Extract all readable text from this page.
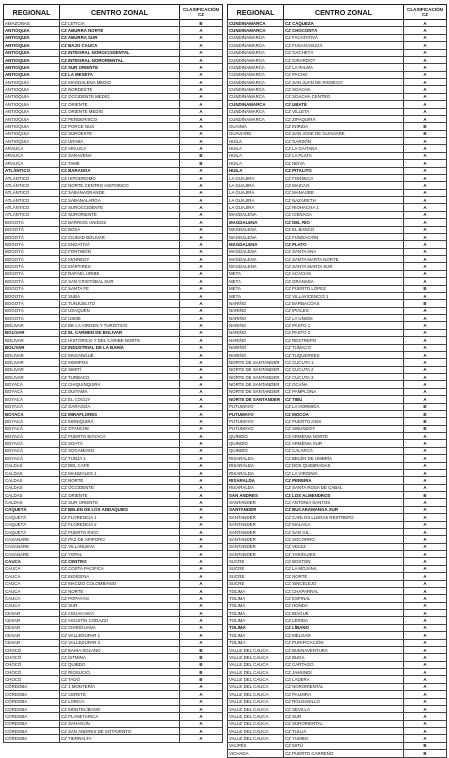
REGIONAL	CENTRO ZONAL	CLASIFICACIÓN CZ
AMAZONAS	CZ LETICIA	B
ANTIOQUIA	CZ ABURRA NORTE	A
ANTIOQUIA	CZ ABURRA SUR	A
ANTIOQUIA	CZ BAJO CAUCA	A
ANTIOQUIA	CZ INTEGRAL NOROCCIDENTAL	A
ANTIOQUIA	CZ INTEGRAL NORORIENTAL	A
ANTIOQUIA	CZ SUR ORIENTE	A
ANTIOQUIA	CZ LA MESETA	A
ANTIOQUIA	CZ MAGDALENA MEDIO	A
ANTIOQUIA	CZ NORDESTE	A
ANTIOQUIA	CZ OCCIDENTE MEDIO	A
ANTIOQUIA	CZ ORIENTE	A
ANTIOQUIA	CZ ORIENTE MEDIO	A
ANTIOQUIA	CZ PENDERISCO	A
ANTIOQUIA	CZ PORCE NUS	A
ANTIOQUIA	CZ SUROESTE	A
ANTIOQUIA	CZ URABÁ	A
ARAUCA	CZ ARAUCA	A
ARAUCA	CZ SARAVENA	B
ARAUCA	CZ TAME	B
ATLÁNTICO	CZ BARANOA	A
ATLÁNTICO	CZ HIPODROMO	A
ATLÁNTICO	CZ NORTE CENTRO HISTORICO	A
ATLÁNTICO	CZ SABANAGRANDE	A
ATLÁNTICO	CZ SABANALARGA	A
ATLÁNTICO	CZ SUROCCIDENTE	A
ATLÁNTICO	CZ SURORIENTE	A
BOGOTÁ	CZ BARRIOS UNIDOS	A
BOGOTÁ	CZ BOSA	A
BOGOTÁ	CZ CIUDAD BOLIVAR	A
BOGOTÁ	CZ ENGATIVÁ	A
BOGOTÁ	CZ FONTIBÓN	A
BOGOTÁ	CZ KENNEDY	A
BOGOTÁ	CZ MÁRTIRES	A
BOGOTÁ	CZ RAFAEL URIBE	A
BOGOTÁ	CZ SAN CRISTÓBAL SUR	A
BOGOTÁ	CZ SANTA FE	A
BOGOTÁ	CZ SUBA	A
BOGOTÁ	CZ TUNJUELITO	A
BOGOTÁ	CZ USAQUÉN	A
BOGOTÁ	CZ USME	A
BOLIVAR	CZ DE LA VIRGEN Y TURÍSTICO	A
BOLIVAR	CZ EL CARMEN DE BOLIVAR	A
BOLIVAR	CZ HISTÓRICO Y DEL CARIBE NORTE	A
BOLIVAR	CZ INDUSTRIAL DE LA BAHÍA	A
BOLIVAR	CZ MAGANGUÉ	A
BOLIVAR	CZ MOMPOX	A
BOLIVAR	CZ SIMITÍ	A
BOLIVAR	CZ TURBACO	A
BOYACÁ	CZ CHIQUINQUIRÁ	A
BOYACÁ	CZ DUITAMA	A
BOYACÁ	CZ EL COCUY	A
BOYACÁ	CZ GARAGOA	A
BOYACÁ	CZ MIRAFLORES	A
BOYACÁ	CZ MONIQUIRÁ	A
BOYACÁ	CZ OTANCHE	A
BOYACÁ	CZ PUERTO BOYACÁ	A
BOYACÁ	CZ SOATÁ	A
BOYACÁ	CZ SOGAMOSO	A
BOYACÁ	CZ TUNJA 1	A
CALDAS	CZ DEL CAFÉ	A
CALDAS	CZ MANIZALES 1	A
CALDAS	CZ NORTE	A
CALDAS	CZ OCCIDENTE	A
CALDAS	CZ ORIENTE	A
CALDAS	CZ SUR ORIENTE	A
CAQUETÁ	CZ BELEN DE LOS ANDAQUIES	A
CAQUETÁ	CZ FLORENCIA 1	A
CAQUETÁ	CZ FLORENCIA 2	A
CAQUETÁ	CZ PUERTO RICO	A
CASANARE	CZ PAZ DE ARIPORO	A
CASANARE	CZ VILLANUEVA	A
CASANARE	CZ YOPAL	A
CAUCA	CZ CENTRO	A
CAUCA	CZ COSTA PACIFICA	A
CAUCA	CZ INDÍGENA	A
CAUCA	CZ MACIZO COLOMBIANO	A
CAUCA	CZ NORTE	A
CAUCA	CZ POPAYÁN	A
CAUCA	CZ SUR	A
CESAR	CZ AGUACHICA	A
CESAR	CZ AGUSTÍN CODAZZI	A
CESAR	CZ CHIRIGUANA	A
CESAR	CZ VALLEDUPAR 1	A
CESAR	CZ VALLEDUPAR 2	A
CHOCÓ	CZ BAHÍA SOLANO	B
CHOCÓ	CZ ISTMINA	B
CHOCÓ	CZ QUIBDO	B
CHOCÓ	CZ RIOSUCIO	B
CHOCÓ	CZ TADÓ	B
CÓRDOBA	CZ 1 MONTERÍA	A
CÓRDOBA	CZ CERETÉ	A
CÓRDOBA	CZ LORICA	A
CÓRDOBA	CZ MONTELÍBANO	A
CÓRDOBA	CZ PLANETARICA	A
CÓRDOBA	CZ SAHAGÚN	A
CÓRDOBA	CZ SAN ANDRES DE SOTAVENTO	A
CÓRDOBA	CZ TIERRALTA	A
REGIONAL	CENTRO ZONAL	CLASIFICACIÓN CZ
CUNDINAMARCA	CZ CÁQUEZA	A
CUNDINAMARCA	CZ CHOCONTÁ	A
CUNDINAMARCA	CZ FACATATIVÁ	A
CUNDINAMARCA	CZ FUSAGASUGÁ	A
CUNDINAMARCA	CZ GACHETÁ	A
CUNDINAMARCA	CZ GIRARDOT	A
CUNDINAMARCA	CZ LA PALMA	A
CUNDINAMARCA	CZ PACHO	A
CUNDINAMARCA	CZ SAN JUAN DE RIOSECO	A
CUNDINAMARCA	CZ SOACHA	A
CUNDINAMARCA	CZ SOACHA CENTRO	A
CUNDINAMARCA	CZ UBATÉ	A
CUNDINAMARCA	CZ VILLETA	A
CUNDINAMARCA	CZ ZIPAQUIRÁ	A
GUAINÍA	CZ INÍRIDA	B
GUAVIARE	CZ SAN JOSE DE GUAVIARE	B
HUILA	CZ GARZÓN	A
HUILA	CZ LA GAITANA	A
HUILA	CZ LA PLATA	A
HUILA	CZ NEIVA	A
HUILA	CZ PITALITO	A
LA GUAJIRA	CZ FONSECA	A
LA GUAJIRA	CZ MAICAO	A
LA GUAJIRA	CZ MANAURE	A
LA GUAJIRA	CZ NAZARETH	A
LA GUAJIRA	CZ RIOHACHA 1	A
MAGDALENA	CZ CIÉNAGA	A
MAGDALENA	CZ DEL RÍO	A
MAGDALENA	CZ EL BANCO	A
MAGDALENA	CZ FUNDACIÓN	A
MAGDALENA	CZ PLATO	A
MAGDALENA	CZ SANTA ANA	A
MAGDALENA	CZ SANTA MARTA NORTE	A
MAGDALENA	CZ SANTA MARTA SUR	A
META	CZ ACACIAS	A
META	CZ GRANADA	A
META	CZ PUERTO LÓPEZ	B
META	CZ VILLAVICENCIO 1	A
NARIÑO	CZ BARBACOAS	B
NARIÑO	CZ IPIALES	A
NARIÑO	CZ LA UNIÓN	A
NARIÑO	CZ PASTO 1	A
NARIÑO	CZ PASTO 2	A
NARIÑO	CZ RESTREPO	A
NARIÑO	CZ TUMACO	A
NARIÑO	CZ TUQUERRES	A
NORTE DE SANTANDER	CZ CUCUTA 1	A
NORTE DE SANTANDER	CZ CUCUTA 2	A
NORTE DE SANTANDER	CZ CUCUTA 3	A
NORTE DE SANTANDER	CZ OCAÑA	A
NORTE DE SANTANDER	CZ PAMPLONA	A
NORTE DE SANTANDER	CZ TIBÚ	A
PUTUMAYO	CZ LA HORMIGA	B
PUTUMAYO	CZ MOCOA	B
PUTUMAYO	CZ PUERTO ASIS	B
PUTUMAYO	CZ SIBUNDOY	B
QUINDÍO	CZ ARMENIA NORTE	A
QUINDÍO	CZ ARMENIA SUR	A
QUINDÍO	CZ CALARCÁ	A
RISARALDA	CZ BELÉN DE UMBRÍA	A
RISARALDA	CZ DOS QUEBRADAS	A
RISARALDA	CZ LA VIRGINIA	A
RISARALDA	CZ PEREIRA	A
RISARALDA	CZ SANTA ROSA DE CABAL	A
SAN ANDRES	CZ LOS ALMENDROS	B
SANTANDER	CZ ANTONIA SANTOS	A
SANTANDER	CZ BUCARAMANGA SUR	A
SANTANDER	CZ CARLOS LLERAS RESTREPO	A
SANTANDER	CZ MÁLAGA	A
SANTANDER	CZ SAN GIL	A
SANTANDER	CZ SOCORRO	A
SANTANDER	CZ VELEZ	A
SANTANDER	CZ YARIGUIES	A
SUCRE	CZ BOSTON	A
SUCRE	CZ LA MOJANA	A
SUCRE	CZ NORTE	A
SUCRE	CZ SINCELEJO	A
TOLIMA	CZ CHAPARRAL	A
TOLIMA	CZ ESPINAL	A
TOLIMA	CZ HONDA	A
TOLIMA	CZ IBAGUÉ	A
TOLIMA	CZ LÉRIDA	A
TOLIMA	CZ LÍBANO	A
TOLIMA	CZ MELGAR	A
TOLIMA	CZ PURIFICACIÓN	A
VALLE DEL CAUCA	CZ BUENAVENTURA	A
VALLE DEL CAUCA	CZ BUGA	A
VALLE DEL CAUCA	CZ CARTAGO	A
VALLE DEL CAUCA	CZ JAMUNDÍ	A
VALLE DEL CAUCA	CZ LADERA	A
VALLE DEL CAUCA	CZ NORORIENTAL	A
VALLE DEL CAUCA	CZ PALMIRA	A
VALLE DEL CAUCA	CZ ROLDANILLO	A
VALLE DEL CAUCA	CZ SEVILLA	A
VALLE DEL CAUCA	CZ SUR	A
VALLE DEL CAUCA	CZ SURORIENTAL	A
VALLE DEL CAUCA	CZ TULUÁ	A
VALLE DEL CAUCA	CZ YUMBO	A
VAUPÉS	CZ MITÚ	B
VICHADA	CZ PUERTO CARREÑO	B
